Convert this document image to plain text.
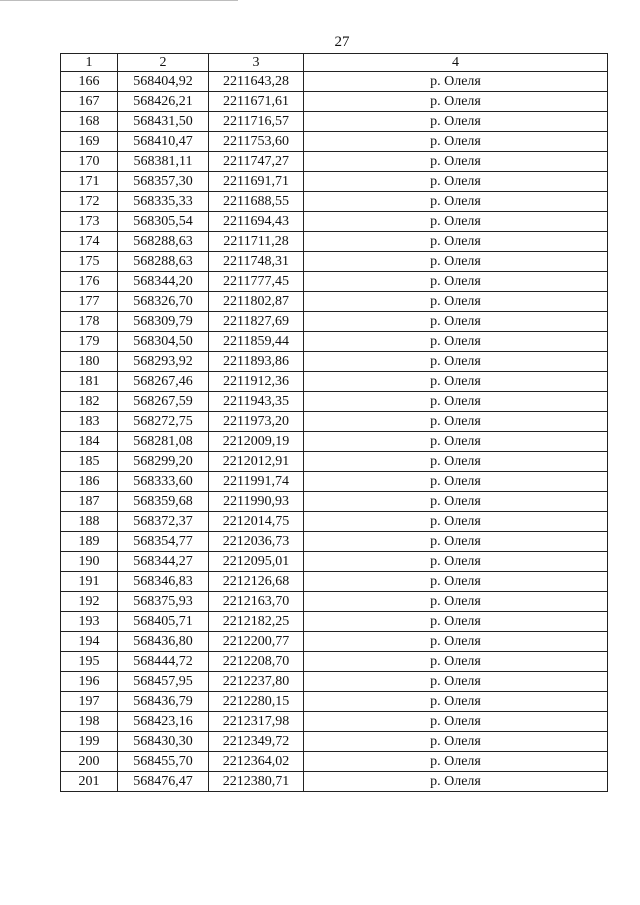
27
1	2	3	4
166	568404,92	2211643,28	р. Олеля
167	568426,21	2211671,61	р. Олеля
168	568431,50	2211716,57	р. Олеля
169	568410,47	2211753,60	р. Олеля
170	568381,11	2211747,27	р. Олеля
171	568357,30	2211691,71	р. Олеля
172	568335,33	2211688,55	р. Олеля
173	568305,54	2211694,43	р. Олеля
174	568288,63	2211711,28	р. Олеля
175	568288,63	2211748,31	р. Олеля
176	568344,20	2211777,45	р. Олеля
177	568326,70	2211802,87	р. Олеля
178	568309,79	2211827,69	р. Олеля
179	568304,50	2211859,44	р. Олеля
180	568293,92	2211893,86	р. Олеля
181	568267,46	2211912,36	р. Олеля
182	568267,59	2211943,35	р. Олеля
183	568272,75	2211973,20	р. Олеля
184	568281,08	2212009,19	р. Олеля
185	568299,20	2212012,91	р. Олеля
186	568333,60	2211991,74	р. Олеля
187	568359,68	2211990,93	р. Олеля
188	568372,37	2212014,75	р. Олеля
189	568354,77	2212036,73	р. Олеля
190	568344,27	2212095,01	р. Олеля
191	568346,83	2212126,68	р. Олеля
192	568375,93	2212163,70	р. Олеля
193	568405,71	2212182,25	р. Олеля
194	568436,80	2212200,77	р. Олеля
195	568444,72	2212208,70	р. Олеля
196	568457,95	2212237,80	р. Олеля
197	568436,79	2212280,15	р. Олеля
198	568423,16	2212317,98	р. Олеля
199	568430,30	2212349,72	р. Олеля
200	568455,70	2212364,02	р. Олеля
201	568476,47	2212380,71	р. Олеля
